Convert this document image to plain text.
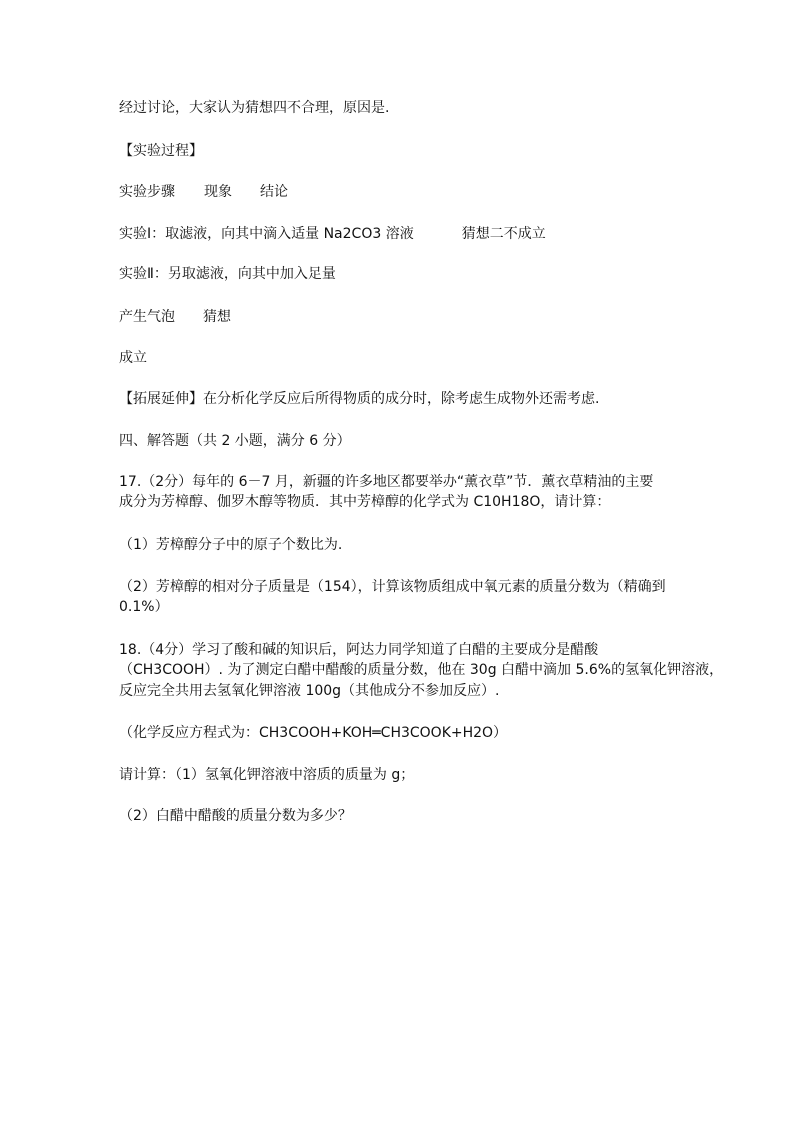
经过讨论，大家认为猜想四不合理，原因是.
【实验过程】
实验步骤 现象 结论
实验Ⅰ：取滤液，向其中滴入适量 Na2CO3 溶液	猜想二不成立
实验Ⅱ：另取滤液，向其中加入足量
产生气泡 猜想
成立
【拓展延伸】在分析化学反应后所得物质的成分时，除考虑生成物外还需考虑.
四、解答题（共 2 小题，满分 6 分）
17.（2分）每年的 6－7 月，新疆的许多地区都要举办“薰衣草”节．薰衣草精油的主要
成分为芳樟醇、伽罗木醇等物质．其中芳樟醇的化学式为 C10H18O，请计算：
（1）芳樟醇分子中的原子个数比为.
（2）芳樟醇的相对分子质量是（154），计算该物质组成中氧元素的质量分数为（精确到
0.1%）
18.（4分）学习了酸和碱的知识后，阿达力同学知道了白醋的主要成分是醋酸
（CH3COOH）. 为了测定白醋中醋酸的质量分数，他在 30g 白醋中滴加 5.6%的氢氧化钾溶液，
反应完全共用去氢氧化钾溶液 100g（其他成分不参加反应）.
（化学反应方程式为：CH3COOH+KOH═CH3COOK+H2O）
请计算：（1）氢氧化钾溶液中溶质的质量为 g；
（2）白醋中醋酸的质量分数为多少？
